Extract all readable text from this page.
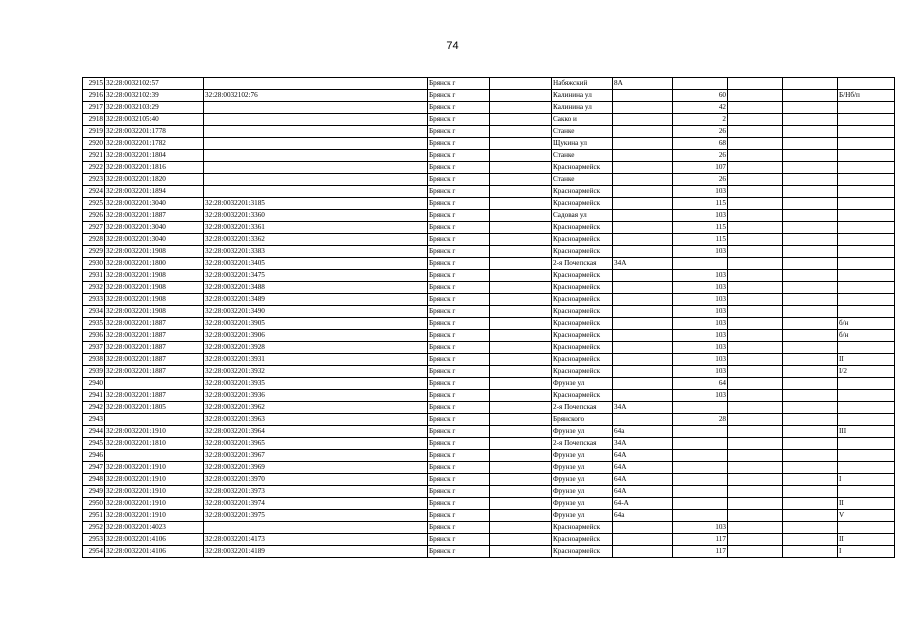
74
2915	32:28:0032102:57		Брянск г		Набяжский	8А				
2916	32:28:0032102:39	32:28:0032102:76	Брянск г		Калинина ул		60			Б/Нб/п
2917	32:28:0032103:29		Брянск г		Калинина ул		42			
2918	32:28:0032105:40		Брянск г		Сакко и		2			
2919	32:28:0032201:1778		Брянск г		Станке		26			
2920	32:28:0032201:1782		Брянск г		Щукина ул		68			
2921	32:28:0032201:1804		Брянск г		Станке		26			
2922	32:28:0032201:1816		Брянск г		Красноармейск		107			
2923	32:28:0032201:1820		Брянск г		Станке		26			
2924	32:28:0032201:1894		Брянск г		Красноармейск		103			
2925	32:28:0032201:3040	32:28:0032201:3185	Брянск г		Красноармейск		115			
2926	32:28:0032201:1887	32:28:0032201:3360	Брянск г		Садовая ул		103			
2927	32:28:0032201:3040	32:28:0032201:3361	Брянск г		Красноармейск		115			
2928	32:28:0032201:3040	32:28:0032201:3362	Брянск г		Красноармейск		115			
2929	32:28:0032201:1908	32:28:0032201:3383	Брянск г		Красноармейск		103			
2930	32:28:0032201:1800	32:28:0032201:3405	Брянск г		2-я Почепская	34А				
2931	32:28:0032201:1908	32:28:0032201:3475	Брянск г		Красноармейск		103			
2932	32:28:0032201:1908	32:28:0032201:3488	Брянск г		Красноармейск		103			
2933	32:28:0032201:1908	32:28:0032201:3489	Брянск г		Красноармейск		103			
2934	32:28:0032201:1908	32:28:0032201:3490	Брянск г		Красноармейск		103			
2935	32:28:0032201:1887	32:28:0032201:3905	Брянск г		Красноармейск		103			б/н
2936	32:28:0032201:1887	32:28:0032201:3906	Брянск г		Красноармейск		103			б/н
2937	32:28:0032201:1887	32:28:0032201:3928	Брянск г		Красноармейск		103			
2938	32:28:0032201:1887	32:28:0032201:3931	Брянск г		Красноармейск		103			II
2939	32:28:0032201:1887	32:28:0032201:3932	Брянск г		Красноармейск		103			I/2
2940		32:28:0032201:3935	Брянск г		Фрунзе ул		64			
2941	32:28:0032201:1887	32:28:0032201:3936	Брянск г		Красноармейск		103			
2942	32:28:0032201:1805	32:28:0032201:3962	Брянск г		2-я Почепская	34А				
2943		32:28:0032201:3963	Брянск г		Брянского		28			
2944	32:28:0032201:1910	32:28:0032201:3964	Брянск г		Фрунзе ул	64а				III
2945	32:28:0032201:1810	32:28:0032201:3965	Брянск г		2-я Почепская	34А				
2946		32:28:0032201:3967	Брянск г		Фрунзе ул	64А				
2947	32:28:0032201:1910	32:28:0032201:3969	Брянск г		Фрунзе ул	64А				
2948	32:28:0032201:1910	32:28:0032201:3970	Брянск г		Фрунзе ул	64А				I
2949	32:28:0032201:1910	32:28:0032201:3973	Брянск г		Фрунзе ул	64А				
2950	32:28:0032201:1910	32:28:0032201:3974	Брянск г		Фрунзе ул	64-А				II
2951	32:28:0032201:1910	32:28:0032201:3975	Брянск г		Фрунзе ул	64а				V
2952	32:28:0032201:4023		Брянск г		Красноармейск		103			
2953	32:28:0032201:4106	32:28:0032201:4173	Брянск г		Красноармейск		117			II
2954	32:28:0032201:4106	32:28:0032201:4189	Брянск г		Красноармейск		117			I
